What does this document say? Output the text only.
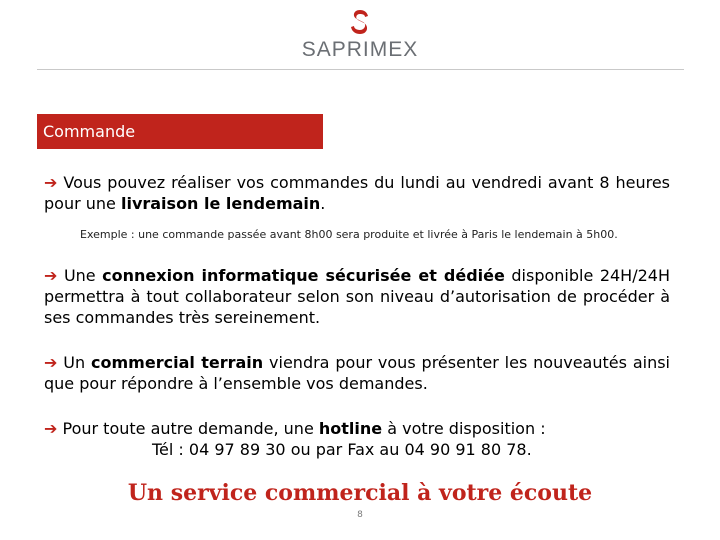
SAPRIMEX
Commande
➔ Vous pouvez réaliser vos commandes du lundi au vendredi avant 8 heures pour une livraison le lendemain.
Exemple : une commande passée avant 8h00 sera produite et livrée à Paris le lendemain à 5h00.
➔ Une connexion informatique sécurisée et dédiée disponible 24H/24H permettra à tout collaborateur selon son niveau d’autorisation de procéder à ses commandes très sereinement.
➔ Un commercial terrain viendra pour vous présenter les nouveautés ainsi que pour répondre à l’ensemble vos demandes.
➔ Pour toute autre demande, une hotline à votre disposition :
Tél : 04 97 89 30 ou par Fax au 04 90 91 80 78.
Un service commercial à votre écoute
8
